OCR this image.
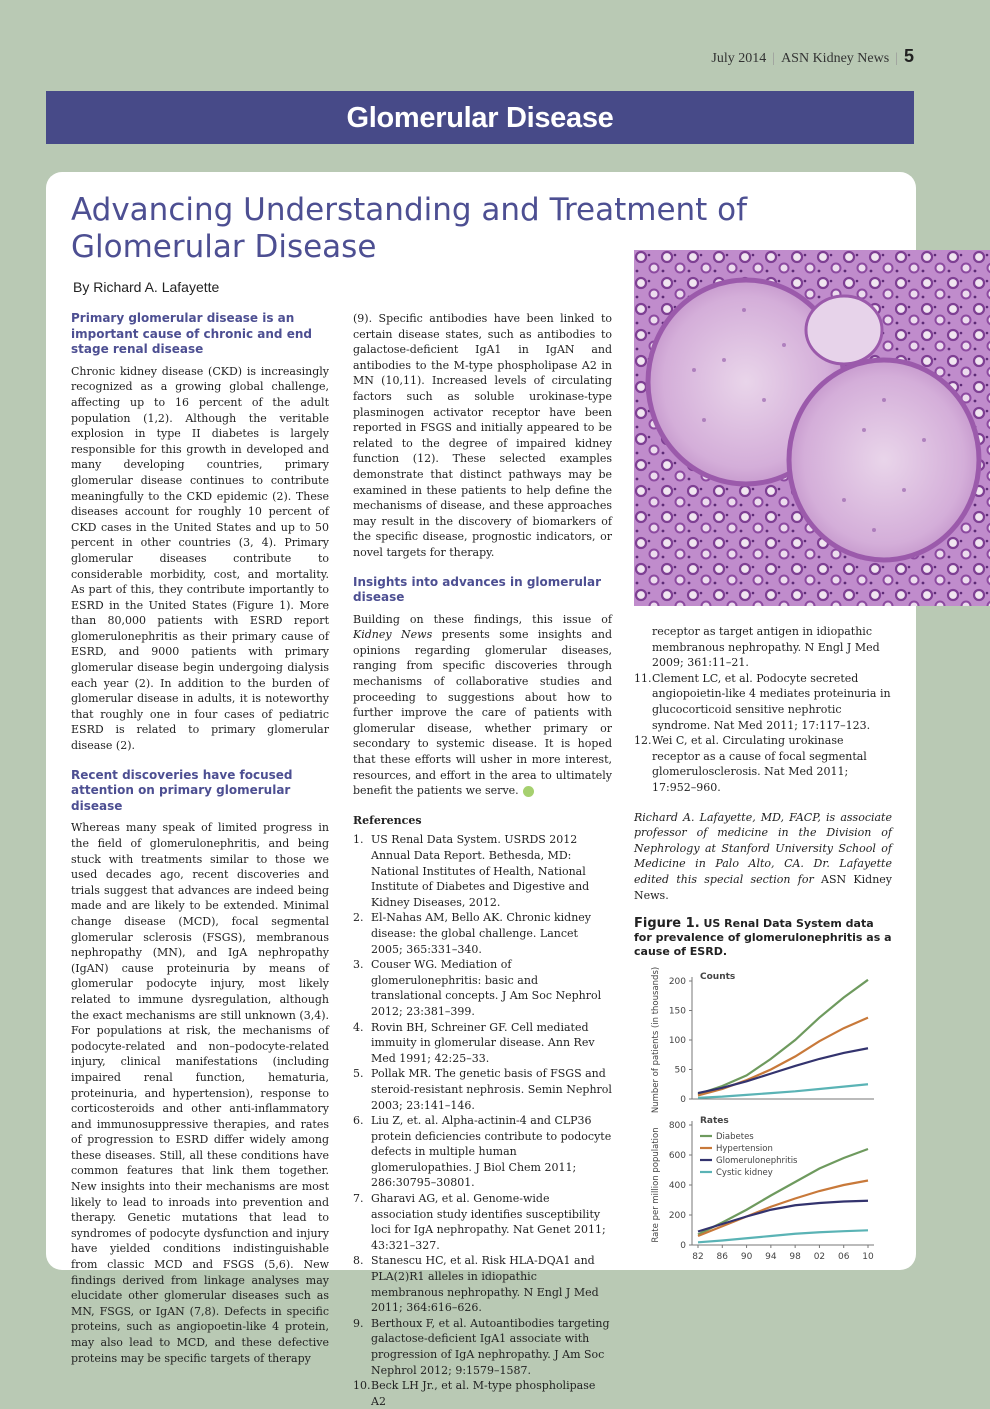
July 2014 | ASN Kidney News | 5
Glomerular Disease
Advancing Understanding and Treatment of Glomerular Disease
By Richard A. Lafayette
Primary glomerular disease is an important cause of chronic and end stage renal disease

Chronic kidney disease (CKD) is increasingly recognized as a growing global challenge, affecting up to 16 percent of the adult population (1,2). Although the veritable explosion in type II diabetes is largely responsible for this growth in developed and many developing countries, primary glomerular disease continues to contribute meaningfully to the CKD epidemic (2). These diseases account for roughly 10 percent of CKD cases in the United States and up to 50 percent in other countries (3, 4). Primary glomerular diseases contribute to considerable morbidity, cost, and mortality. As part of this, they contribute importantly to ESRD in the United States (Figure 1). More than 80,000 patients with ESRD report glomerulonephritis as their primary cause of ESRD, and 9000 patients with primary glomerular disease begin undergoing dialysis each year (2). In addition to the burden of glomerular disease in adults, it is noteworthy that roughly one in four cases of pediatric ESRD is related to primary glomerular disease (2).

Recent discoveries have focused attention on primary glomerular disease

Whereas many speak of limited progress in the field of glomerulonephritis, and being stuck with treatments similar to those we used decades ago, recent discoveries and trials suggest that advances are indeed being made and are likely to be extended. Minimal change disease (MCD), focal segmental glomerular sclerosis (FSGS), membranous nephropathy (MN), and IgA nephropathy (IgAN) cause proteinuria by means of glomerular podocyte injury, most likely related to immune dysregulation, although the exact mechanisms are still unknown (3,4). For populations at risk, the mechanisms of podocyte-related and non–podocyte-related injury, clinical manifestations (including impaired renal function, hematuria, proteinuria, and hypertension), response to corticosteroids and other anti-inflammatory and immunosuppressive therapies, and rates of progression to ESRD differ widely among these diseases. Still, all these conditions have common features that link them together. New insights into their mechanisms are most likely to lead to inroads into prevention and therapy. Genetic mutations that lead to syndromes of podocyte dysfunction and injury have yielded conditions indistinguishable from classic MCD and FSGS (5,6). New findings derived from linkage analyses may elucidate other glomerular diseases such as MN, FSGS, or IgAN (7,8). Defects in specific proteins, such as angiopoetin-like 4 protein, may also lead to MCD, and these defective proteins may be specific targets of therapy

(9). Specific antibodies have been linked to certain disease states, such as antibodies to galactose-deficient IgA1 in IgAN and antibodies to the M-type phospholipase A2 in MN (10,11). Increased levels of circulating factors such as soluble urokinase-type plasminogen activator receptor have been reported in FSGS and initially appeared to be related to the degree of impaired kidney function (12). These selected examples demonstrate that distinct pathways may be examined in these patients to help define the mechanisms of disease, and these approaches may result in the discovery of biomarkers of the specific disease, prognostic indicators, or novel targets for therapy.

Insights into advances in glomerular disease

Building on these findings, this issue of Kidney News presents some insights and opinions regarding glomerular diseases, ranging from specific discoveries through mechanisms of collaborative studies and proceeding to suggestions about how to further improve the care of patients with glomerular disease, whether primary or secondary to systemic disease. It is hoped that these efforts will usher in more interest, resources, and effort in the area to ultimately benefit the patients we serve.

References
1. US Renal Data System. USRDS 2012 Annual Data Report. Bethesda, MD: National Institutes of Health, National Institute of Diabetes and Digestive and Kidney Diseases, 2012.
2. El-Nahas AM, Bello AK. Chronic kidney disease: the global challenge. Lancet 2005; 365:331–340.
3. Couser WG. Mediation of glomerulonephritis: basic and translational concepts. J Am Soc Nephrol 2012; 23:381–399.
4. Rovin BH, Schreiner GF. Cell mediated immuity in glomerular disease. Ann Rev Med 1991; 42:25–33.
5. Pollak MR. The genetic basis of FSGS and steroid-resistant nephrosis. Semin Nephrol 2003; 23:141–146.
6. Liu Z, et. al. Alpha-actinin-4 and CLP36 protein deficiencies contribute to podocyte defects in multiple human glomerulopathies. J Biol Chem 2011; 286:30795–30801.
7. Gharavi AG, et al. Genome-wide association study identifies susceptibility loci for IgA nephropathy. Nat Genet 2011; 43:321–327.
8. Stanescu HC, et al. Risk HLA-DQA1 and PLA(2)R1 alleles in idiopathic membranous nephropathy. N Engl J Med 2011; 364:616–626.
9. Berthoux F, et al. Autoantibodies targeting galactose-deficient IgA1 associate with progression of IgA nephropathy. J Am Soc Nephrol 2012; 9:1579–1587.
10. Beck LH Jr., et al. M-type phospholipase A2
receptor as target antigen in idiopathic membranous nephropathy. N Engl J Med 2009; 361:11–21.
11. Clement LC, et al. Podocyte secreted angiopoietin-like 4 mediates proteinuria in glucocorticoid sensitive nephrotic syndrome. Nat Med 2011; 17:117–123.
12. Wei C, et al. Circulating urokinase receptor as a cause of focal segmental glomerulosclerosis. Nat Med 2011; 17:952–960.

Richard A. Lafayette, MD, FACP, is associate professor of medicine in the Division of Nephrology at Stanford University School of Medicine in Palo Alto, CA. Dr. Lafayette edited this special section for ASN Kidney News.

Figure 1. US Renal Data System data for prevalence of glomerulonephritis as a cause of ESRD.
0
50
100
150
200 Counts
Number of patients (in thousands)
0
200
400
600
800 Rates
Rate per million population	Diabetes
Hypertension
Glomerulonephritis
Cystic kidney
82 86 90 94 98 02 06 10
